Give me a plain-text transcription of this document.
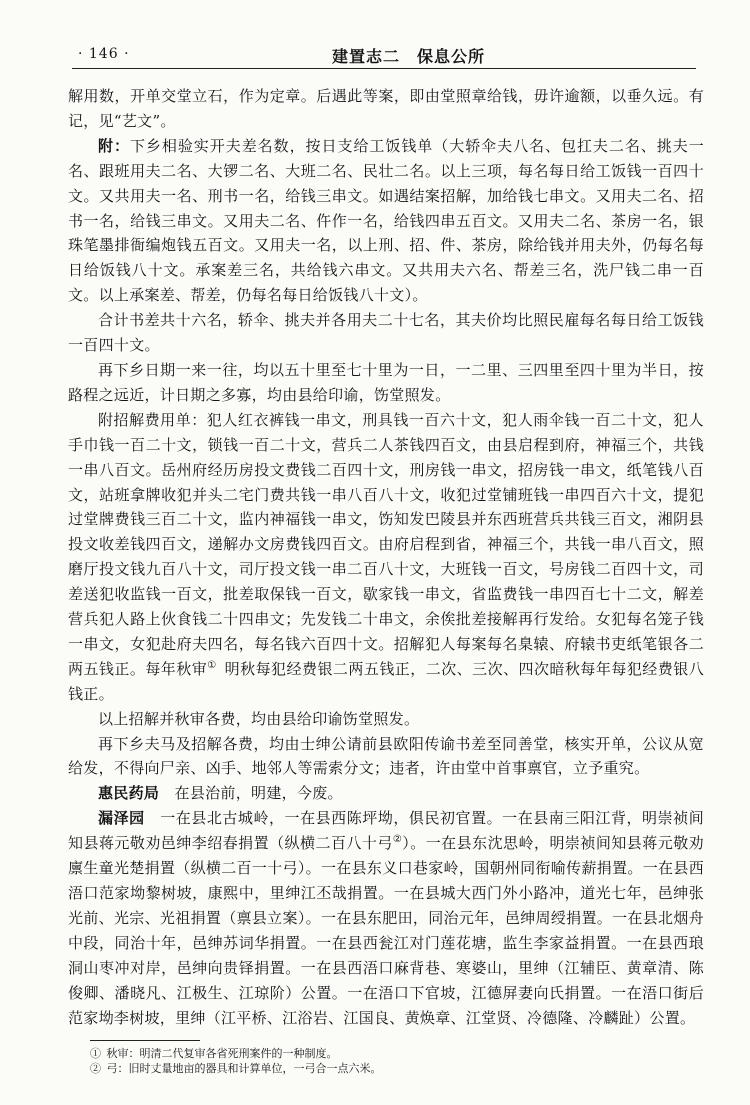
· 146 ·	建置志二　保息公所

解用数，开单交堂立石，作为定章。后遇此等案，即由堂照章给钱，毋许逾额，以垂久远。有记，见“艺文”。

附：下乡相验实开夫差名数，按日支给工饭钱单（大轿伞夫八名、包扛夫二名、挑夫一名、跟班用夫二名、大锣二名、大班二名、民壮二名。以上三项，每名每日给工饭钱一百四十文。又共用夫一名、刑书一名，给钱三串文。如遇结案招解，加给钱七串文。又用夫二名、招书一名，给钱三串文。又用夫二名、仵作一名，给钱四串五百文。又用夫二名、茶房一名，银珠笔墨排衙编炮钱五百文。又用夫一名，以上刑、招、件、茶房，除给钱并用夫外，仍每名每日给饭钱八十文。承案差三名，共给钱六串文。又共用夫六名、帮差三名，洗尸钱二串一百文。以上承案差、帮差，仍每名每日给饭钱八十文）。

合计书差共十六名，轿伞、挑夫并各用夫二十七名，其夫价均比照民雇每名每日给工饭钱一百四十文。

再下乡日期一来一往，均以五十里至七十里为一日，一二里、三四里至四十里为半日，按路程之远近，计日期之多寡，均由县给印谕，饬堂照发。

附招解费用单：犯人红衣裤钱一串文，刑具钱一百六十文，犯人雨伞钱一百二十文，犯人手巾钱一百二十文，锁钱一百二十文，营兵二人茶钱四百文，由县启程到府，神福三个，共钱一串八百文。岳州府经历房投文费钱二百四十文，刑房钱一串文，招房钱一串文，纸笔钱八百文，站班拿牌收犯并头二宅门费共钱一串八百八十文，收犯过堂铺班钱一串四百六十文，提犯过堂牌费钱三百二十文，监内神福钱一串文，饬知发巴陵县并东西班营兵共钱三百文，湘阴县投文收差钱四百文，递解办文房费钱四百文。由府启程到省，神福三个，共钱一串八百文，照磨厅投文钱九百八十文，司厅投文钱一串二百八十文，大班钱一百文，号房钱二百四十文，司差送犯收监钱一百文，批差取保钱一百文，歇家钱一串文，省监费钱一串四百七十二文，解差营兵犯人路上伙食钱二十四串文；先发钱二十串文，余俟批差接解再行发给。女犯每名笼子钱一串文，女犯赴府夫四名，每名钱六百四十文。招解犯人每案每名臬辕、府辕书吏纸笔银各二两五钱正。每年秋审①  明秋每犯经费银二两五钱正，二次、三次、四次暗秋每年每犯经费银八钱正。

以上招解并秋审各费，均由县给印谕饬堂照发。

再下乡夫马及招解各费，均由士绅公请前县欧阳传谕书差至同善堂，核实开单，公议从宽给发，不得向尸亲、凶手、地邻人等需索分文；违者，许由堂中首事禀官，立予重究。

惠民药局  在县治前，明建，今废。

漏泽园  一在县北古城岭，一在县西陈坪坳，俱民初官置。一在县南三阳江背，明崇祯间知县蒋元敬劝邑绅李绍春捐置（纵横二百八十弓②）。一在县东沈思岭，明崇祯间知县蒋元敬劝廪生童光楚捐置（纵横二百一十弓）。一在县东义口巷家岭，国朝州同衔喻传薪捐置。一在县西浯口范家坳黎树坡，康熙中，里绅江丕哉捐置。一在县城大西门外小路冲，道光七年，邑绅张光前、光宗、光祖捐置（禀县立案）。一在县东肥田，同治元年，邑绅周绶捐置。一在县北烟舟中段，同治十年，邑绅苏词华捐置。一在县西瓮江对门莲花塘，监生李家益捐置。一在县西琅洞山枣冲对岸，邑绅向贵铎捐置。一在县西浯口麻背巷、寒婆山，里绅（江辅臣、黄章清、陈俊卿、潘晓凡、江极生、江琼阶）公置。一在浯口下官坡，江德屏妻向氏捐置。一在浯口街后范家坳李树坡，里绅（江平桥、江浴岩、江国良、黄焕章、江堂贤、冷德隆、冷麟趾）公置。

①  秋审：明清二代复审各省死刑案件的一种制度。
②  弓：旧时丈量地亩的器具和计算单位，一弓合一点六米。
